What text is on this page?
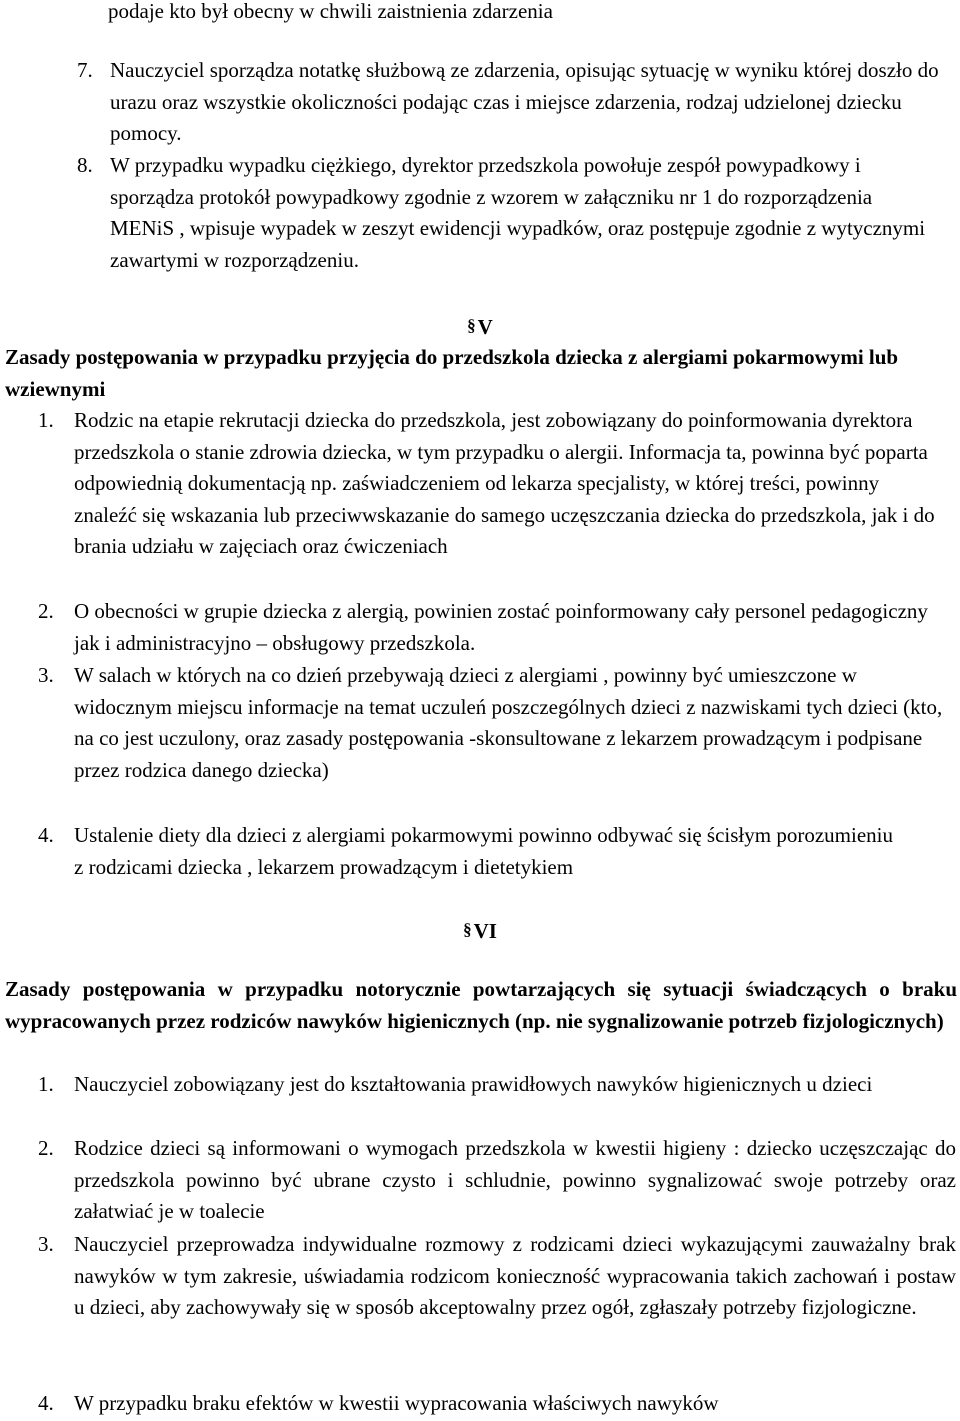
podaje kto był obecny w chwili zaistnienia zdarzenia
7. Nauczyciel sporządza notatkę służbową ze zdarzenia, opisując sytuację w wyniku której doszło do urazu oraz wszystkie okoliczności podając czas i miejsce zdarzenia, rodzaj udzielonej dziecku pomocy.
8. W przypadku wypadku ciężkiego, dyrektor przedszkola powołuje zespół powypadkowy i sporządza protokół powypadkowy zgodnie z wzorem w załączniku nr 1 do rozporządzenia MENiS , wpisuje wypadek w zeszyt ewidencji wypadków, oraz postępuje zgodnie z wytycznymi zawartymi w rozporządzeniu.
§V
Zasady postępowania w przypadku przyjęcia do przedszkola dziecka z alergiami pokarmowymi lub wziewnymi
1. Rodzic na etapie rekrutacji dziecka do przedszkola, jest zobowiązany do poinformowania dyrektora przedszkola o stanie zdrowia dziecka, w tym przypadku o alergii. Informacja ta, powinna być poparta odpowiednią dokumentacją np. zaświadczeniem od lekarza specjalisty, w której treści, powinny znaleźć się wskazania lub przeciwwskazanie do samego uczęszczania dziecka do przedszkola, jak i do brania udziału w zajęciach oraz ćwiczeniach
2. O obecności w grupie dziecka z alergią, powinien zostać poinformowany cały personel pedagogiczny jak i administracyjno – obsługowy przedszkola.
3. W salach w których na co dzień przebywają dzieci z alergiami , powinny być umieszczone w widocznym miejscu informacje na temat uczuleń poszczególnych dzieci z nazwiskami tych dzieci (kto, na co jest uczulony, oraz zasady postępowania -skonsultowane z lekarzem prowadzącym i podpisane przez rodzica danego dziecka)
4. Ustalenie diety dla dzieci z alergiami pokarmowymi powinno odbywać się ścisłym porozumieniu z rodzicami dziecka , lekarzem prowadzącym i dietetykiem
§VI
Zasady postępowania w przypadku notorycznie powtarzających się sytuacji świadczących o braku wypracowanych przez rodziców nawyków higienicznych (np. nie sygnalizowanie potrzeb fizjologicznych)
1. Nauczyciel zobowiązany jest do kształtowania prawidłowych nawyków higienicznych u dzieci
2. Rodzice dzieci są informowani o wymogach przedszkola w kwestii higieny : dziecko uczęszczając do przedszkola powinno być ubrane czysto i schludnie, powinno sygnalizować swoje potrzeby oraz załatwiać je w toalecie
3. Nauczyciel przeprowadza indywidualne rozmowy z rodzicami dzieci wykazującymi zauważalny brak nawyków w tym zakresie, uświadamia rodzicom konieczność wypracowania takich zachowań i postaw u dzieci, aby zachowywały się w sposób akceptowalny przez ogół, zgłaszały potrzeby fizjologiczne.
4. W przypadku braku efektów w kwestii wypracowania właściwych nawyków
